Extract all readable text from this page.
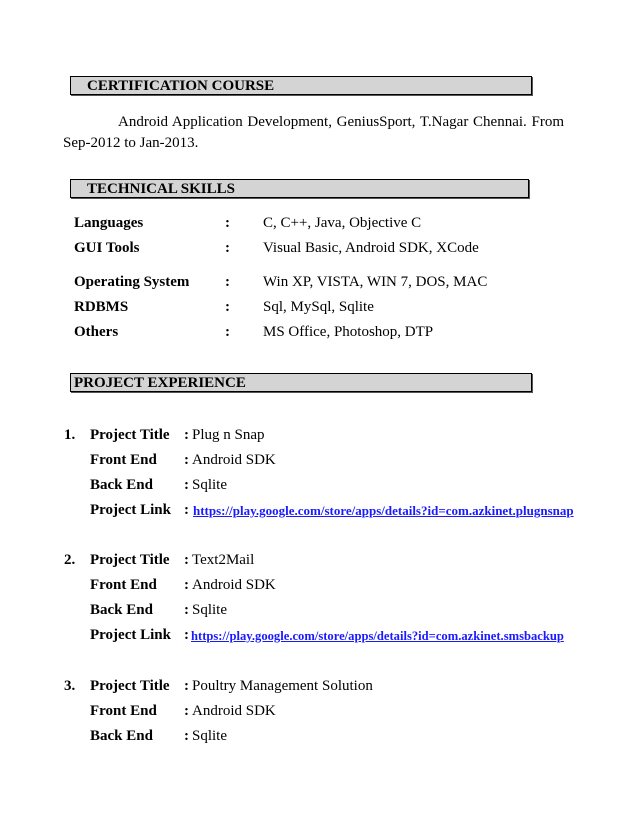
CERTIFICATION COURSE
Android Application Development, GeniusSport, T.Nagar Chennai. From Sep-2012 to Jan-2013.
TECHNICAL SKILLS
Languages	: C, C++, Java, Objective C
GUI Tools	: Visual Basic, Android SDK, XCode
Operating System : Win XP, VISTA, WIN 7, DOS, MAC
RDBMS	: Sql, MySql, Sqlite
Others	: MS Office, Photoshop, DTP
PROJECT EXPERIENCE
1. Project Title : Plug n Snap
Front End : Android SDK
Back End : Sqlite
Project Link : https://play.google.com/store/apps/details?id=com.azkinet.plugnsnap
2. Project Title : Text2Mail
Front End : Android SDK
Back End : Sqlite
Project Link : https://play.google.com/store/apps/details?id=com.azkinet.smsbackup
3. Project Title : Poultry Management Solution
Front End : Android SDK
Back End : Sqlite
